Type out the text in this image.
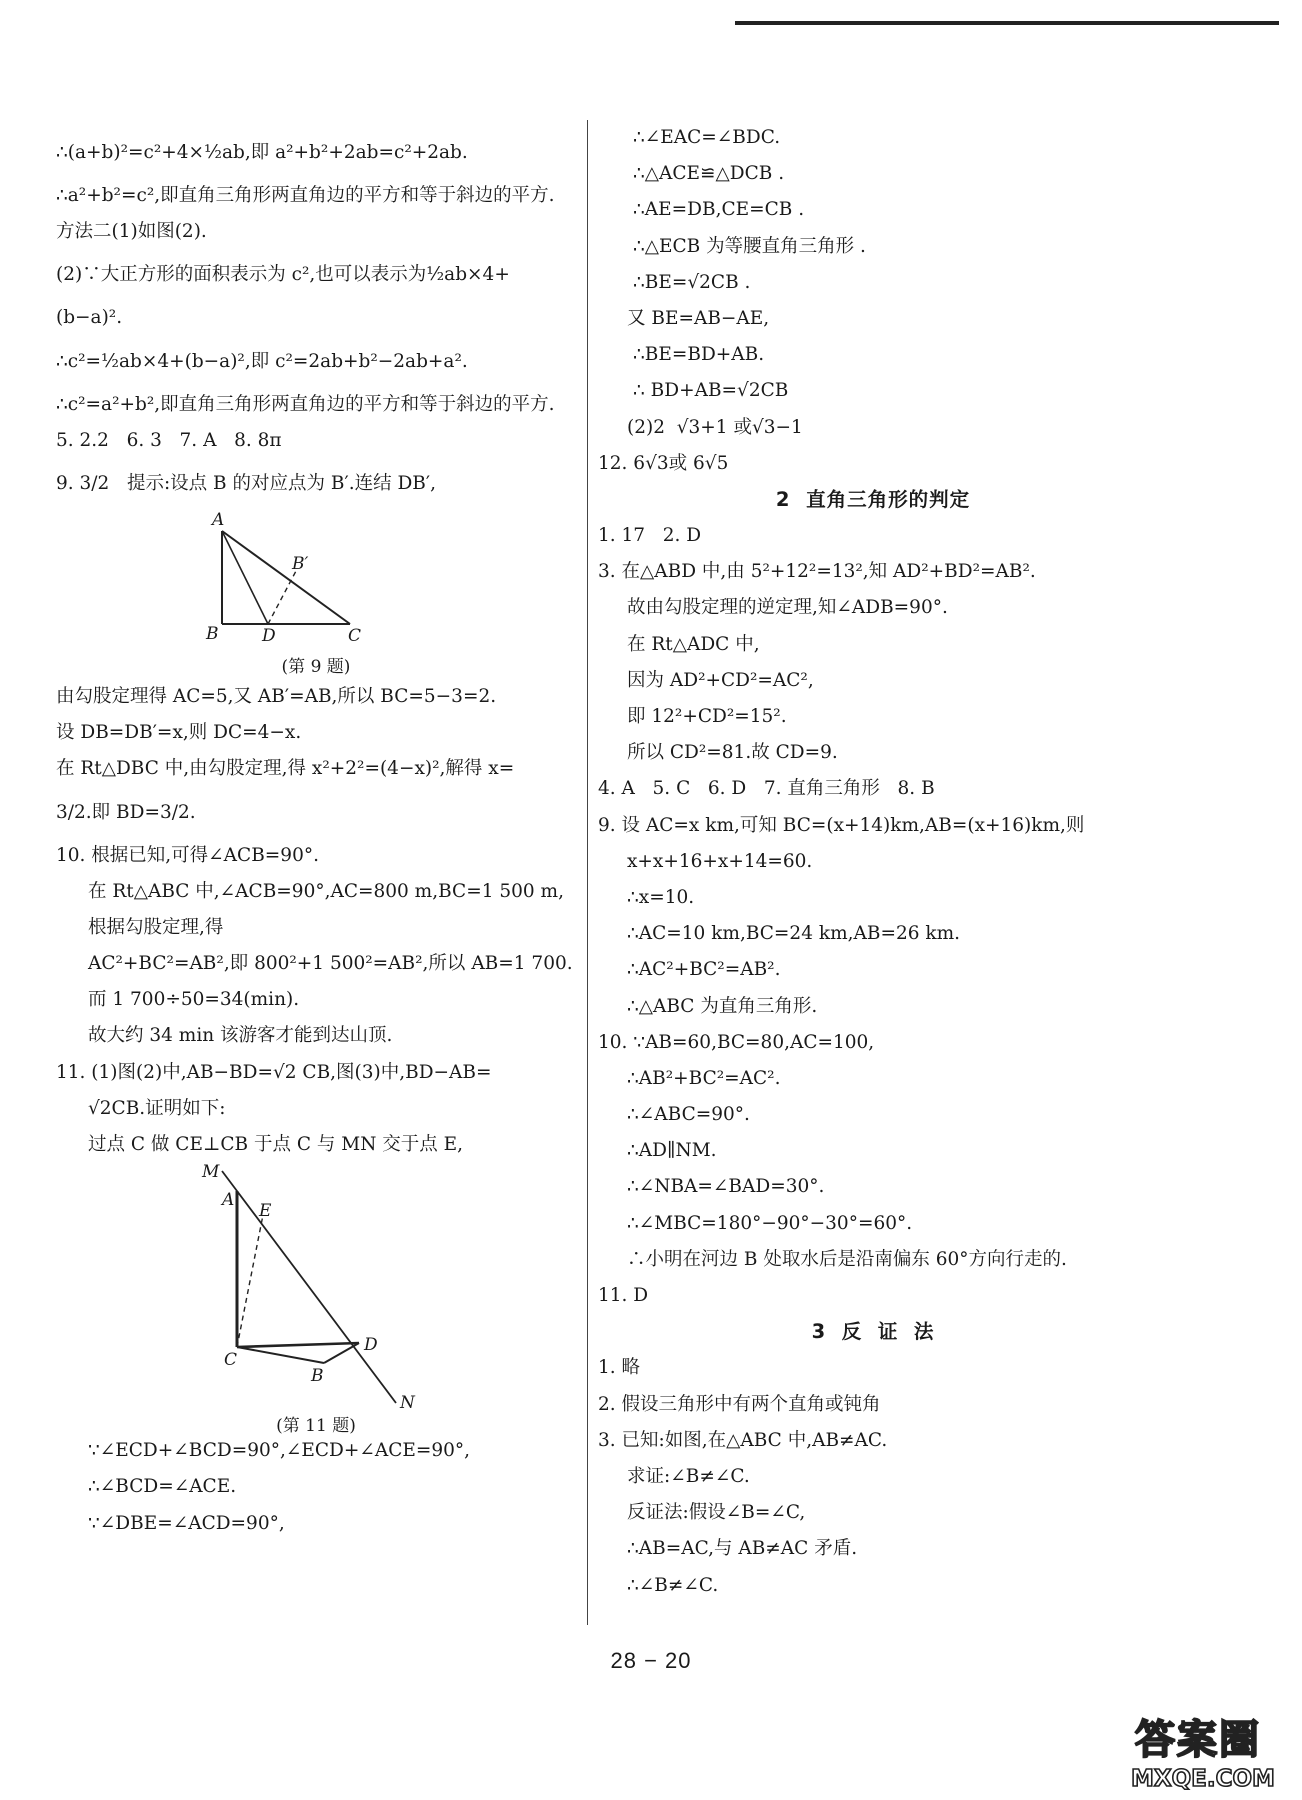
∴(a+b)²=c²+4×½ab,即 a²+b²+2ab=c²+2ab.
∴a²+b²=c²,即直角三角形两直角边的平方和等于斜边的平方.
方法二(1)如图(2).
(2)∵大正方形的面积表示为 c²,也可以表示为½ab×4+
(b−a)².
∴c²=½ab×4+(b−a)²,即 c²=2ab+b²−2ab+a².
∴c²=a²+b²,即直角三角形两直角边的平方和等于斜边的平方.
5. 2.2   6. 3   7. A   8. 8π
9. 3/2   提示:设点 B 的对应点为 B′.连结 DB′,
A
B	D	C
B′
(第 9 题)
由勾股定理得 AC=5,又 AB′=AB,所以 BC=5−3=2.
设 DB=DB′=x,则 DC=4−x.
在 Rt△DBC 中,由勾股定理,得 x²+2²=(4−x)²,解得 x=
3/2.即 BD=3/2.
10. 根据已知,可得∠ACB=90°.
在 Rt△ABC 中,∠ACB=90°,AC=800 m,BC=1 500 m,
根据勾股定理,得
AC²+BC²=AB²,即 800²+1 500²=AB²,所以 AB=1 700.
而 1 700÷50=34(min).
故大约 34 min 该游客才能到达山顶.
11. (1)图(2)中,AB−BD=√2 CB,图(3)中,BD−AB=
√2CB.证明如下:
过点 C 做 CE⊥CB 于点 C 与 MN 交于点 E,
M
A
E
C
D
B
N
(第 11 题)
∵∠ECD+∠BCD=90°,∠ECD+∠ACE=90°,
∴∠BCD=∠ACE.
∵∠DBE=∠ACD=90°,
∴∠EAC=∠BDC.
∴△ACE≌△DCB .
∴AE=DB,CE=CB .
∴△ECB 为等腰直角三角形 .
∴BE=√2CB .
又 BE=AB−AE,
∴BE=BD+AB.
∴ BD+AB=√2CB
(2)2  √3+1 或√3−1
12. 6√3或 6√5
2  直角三角形的判定
1. 17   2. D
3. 在△ABD 中,由 5²+12²=13²,知 AD²+BD²=AB².
故由勾股定理的逆定理,知∠ADB=90°.
在 Rt△ADC 中,
因为 AD²+CD²=AC²,
即 12²+CD²=15².
所以 CD²=81.故 CD=9.
4. A   5. C   6. D   7. 直角三角形   8. B
9. 设 AC=x km,可知 BC=(x+14)km,AB=(x+16)km,则
x+x+16+x+14=60.
∴x=10.
∴AC=10 km,BC=24 km,AB=26 km.
∴AC²+BC²=AB².
∴△ABC 为直角三角形.
10. ∵AB=60,BC=80,AC=100,
∴AB²+BC²=AC².
∴∠ABC=90°.
∴AD∥NM.
∴∠NBA=∠BAD=30°.
∴∠MBC=180°−90°−30°=60°.
∴小明在河边 B 处取水后是沿南偏东 60°方向行走的.
11. D
3  反  证  法
1. 略
2. 假设三角形中有两个直角或钝角
3. 已知:如图,在△ABC 中,AB≠AC.
求证:∠B≠∠C.
反证法:假设∠B=∠C,
∴AB=AC,与 AB≠AC 矛盾.
∴∠B≠∠C.
28 − 20
答案圈
MXQE.COM
